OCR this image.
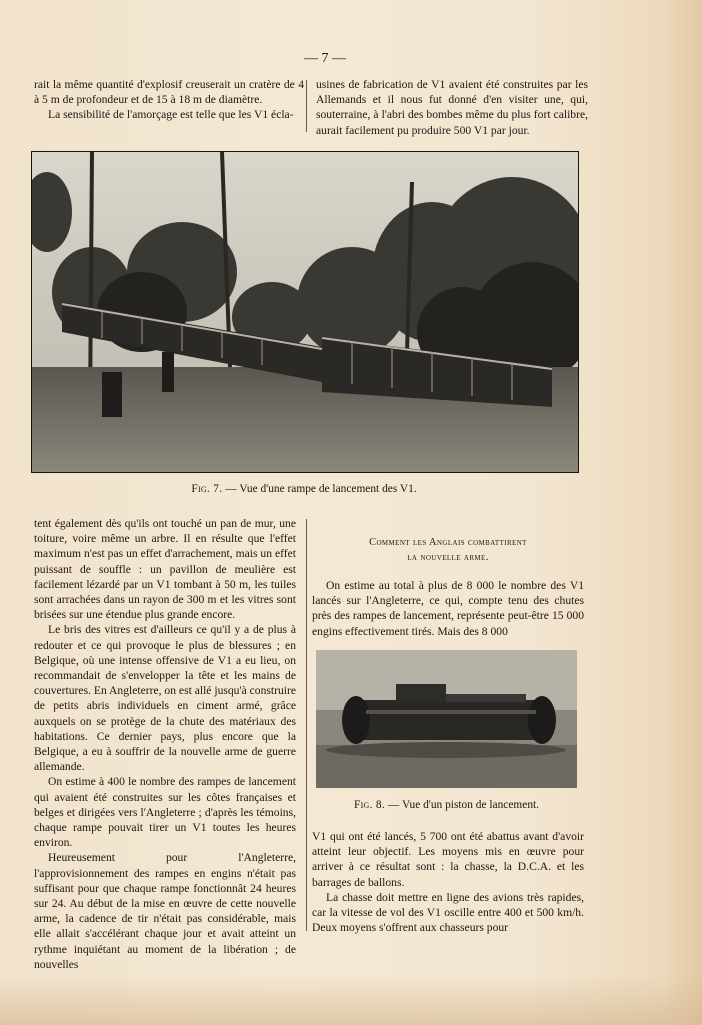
— 7 —

rait la même quantité d'explosif creuserait un cratère de 4 à 5 m de profondeur et de 15 à 18 m de diamètre.

La sensibilité de l'amorçage est telle que les V1 écla-

usines de fabrication de V1 avaient été construites par les Allemands et il nous fut donné d'en visiter une, qui, souterraine, à l'abri des bombes même du plus fort calibre, aurait facilement pu produire 500 V1 par jour.

Fig. 7. — Vue d'une rampe de lancement des V1.

tent également dès qu'ils ont touché un pan de mur, une toiture, voire même un arbre. Il en résulte que l'effet maximum n'est pas un effet d'arrachement, mais un effet puissant de souffle : un pavillon de meulière est facilement lézardé par un V1 tombant à 50 m, les tuiles sont arrachées dans un rayon de 300 m et les vitres sont brisées sur une étendue plus grande encore.

Le bris des vitres est d'ailleurs ce qu'il y a de plus à redouter et ce qui provoque le plus de blessures ; en Belgique, où une intense offensive de V1 a eu lieu, on recommandait de s'envelopper la tête et les mains de couvertures. En Angleterre, on est allé jusqu'à construire de petits abris individuels en ciment armé, grâce auxquels on se protège de la chute des matériaux des habitations. Ce dernier pays, plus encore que la Belgique, a eu à souffrir de la nouvelle arme de guerre allemande.

On estime à 400 le nombre des rampes de lancement qui avaient été construites sur les côtes françaises et belges et dirigées vers l'Angleterre ; d'après les témoins, chaque rampe pouvait tirer un V1 toutes les heures environ.

Heureusement pour l'Angleterre, l'approvisionnement des rampes en engins n'était pas suffisant pour que chaque rampe fonctionnât 24 heures sur 24. Au début de la mise en œuvre de cette nouvelle arme, la cadence de tir n'était pas considérable, mais elle allait s'accélérant chaque jour et avait atteint un rythme inquiétant au moment de la libération ; de nouvelles

Comment les Anglais combattirent
la nouvelle arme.

On estime au total à plus de 8 000 le nombre des V1 lancés sur l'Angleterre, ce qui, compte tenu des chutes près des rampes de lancement, représente peut-être 15 000 engins effectivement tirés. Mais des 8 000

Fig. 8. — Vue d'un piston de lancement.

V1 qui ont été lancés, 5 700 ont été abattus avant d'avoir atteint leur objectif. Les moyens mis en œuvre pour arriver à ce résultat sont : la chasse, la D.C.A. et les barrages de ballons.

La chasse doit mettre en ligne des avions très rapides, car la vitesse de vol des V1 oscille entre 400 et 500 km/h. Deux moyens s'offrent aux chasseurs pour
